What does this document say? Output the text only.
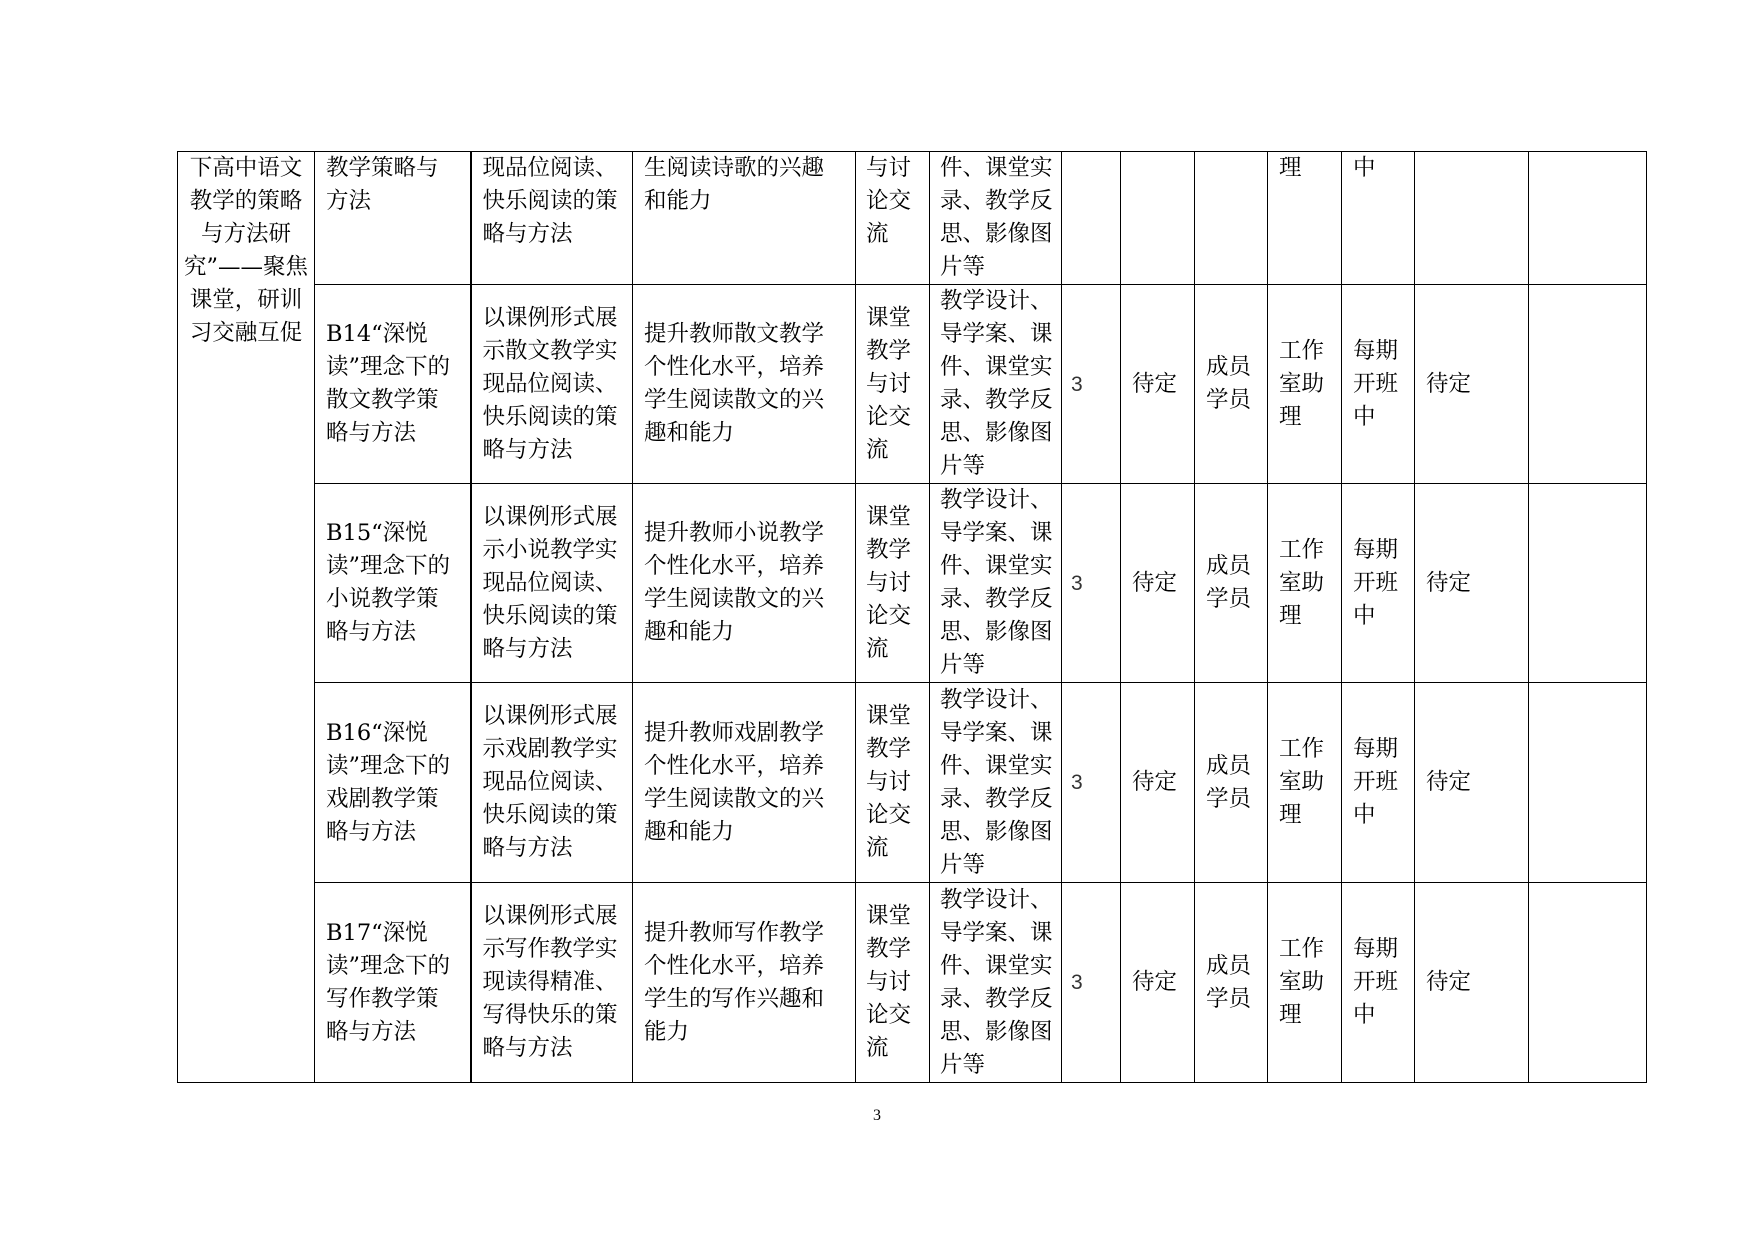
下高中语文教学的策略与方法研究”——聚焦课堂，研训习交融互促	教学策略与方法	现品位阅读、快乐阅读的策略与方法	生阅读诗歌的兴趣和能力	与讨论交流	件、课堂实录、教学反思、影像图片等				理	中		
	B14“深悦读”理念下的散文教学策略与方法	以课例形式展示散文教学实现品位阅读、快乐阅读的策略与方法	提升教师散文教学个性化水平，培养学生阅读散文的兴趣和能力	课堂教学与讨论交流	教学设计、导学案、课件、课堂实录、教学反思、影像图片等	3	待定	成员学员	工作室助理	每期开班中	待定	
	B15“深悦读”理念下的小说教学策略与方法	以课例形式展示小说教学实现品位阅读、快乐阅读的策略与方法	提升教师小说教学个性化水平，培养学生阅读散文的兴趣和能力	课堂教学与讨论交流	教学设计、导学案、课件、课堂实录、教学反思、影像图片等	3	待定	成员学员	工作室助理	每期开班中	待定	
	B16“深悦读”理念下的戏剧教学策略与方法	以课例形式展示戏剧教学实现品位阅读、快乐阅读的策略与方法	提升教师戏剧教学个性化水平，培养学生阅读散文的兴趣和能力	课堂教学与讨论交流	教学设计、导学案、课件、课堂实录、教学反思、影像图片等	3	待定	成员学员	工作室助理	每期开班中	待定	
	B17“深悦读”理念下的写作教学策略与方法	以课例形式展示写作教学实现读得精准、写得快乐的策略与方法	提升教师写作教学个性化水平，培养学生的写作兴趣和能力	课堂教学与讨论交流	教学设计、导学案、课件、课堂实录、教学反思、影像图片等	3	待定	成员学员	工作室助理	每期开班中	待定	
3
